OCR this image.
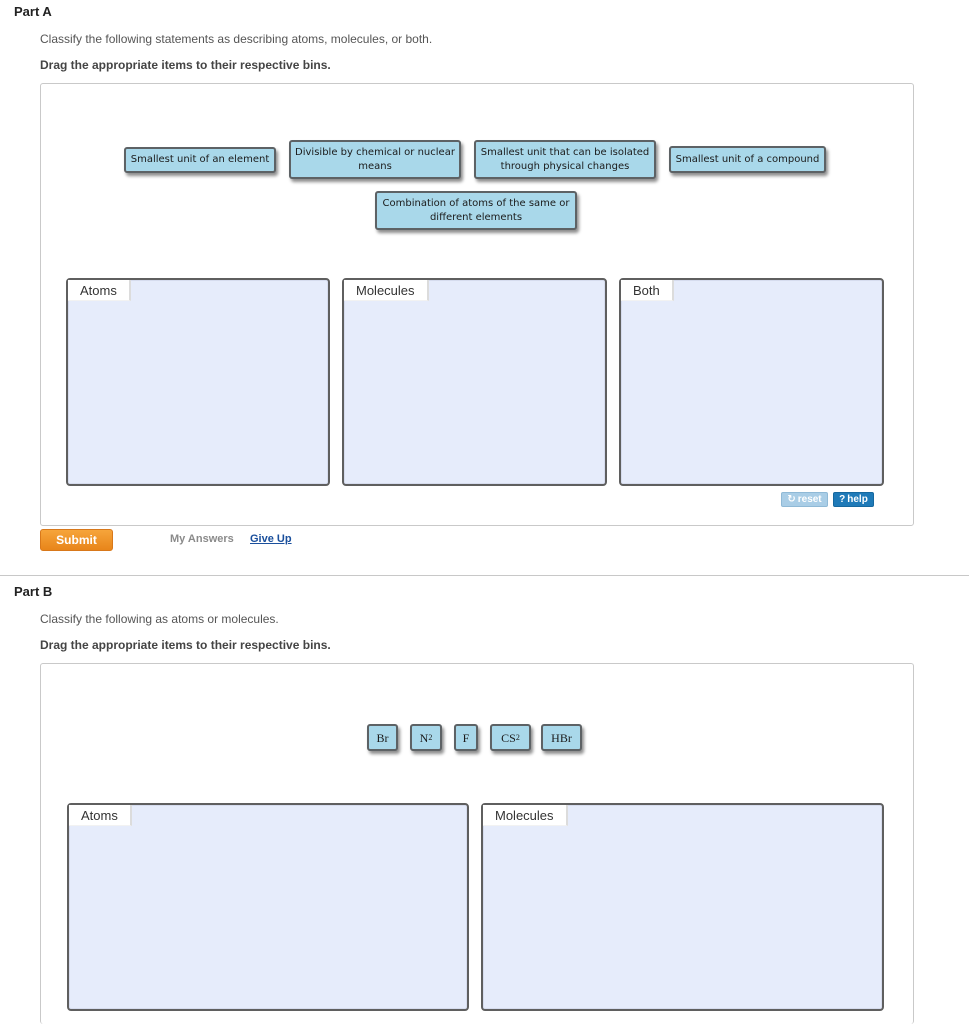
Part A
Classify the following statements as describing atoms, molecules, or both.
Drag the appropriate items to their respective bins.
Smallest unit of an element
Divisible by chemical or nuclear means
Smallest unit that can be isolated through physical changes
Smallest unit of a compound
Combination of atoms of the same or different elements
Atoms	Molecules	Both
↻ reset ? help
Submit	My Answers Give Up
Part B
Classify the following as atoms or molecules.
Drag the appropriate items to their respective bins.
Br	N 2	F	CS 2	HBr
Atoms	Molecules
